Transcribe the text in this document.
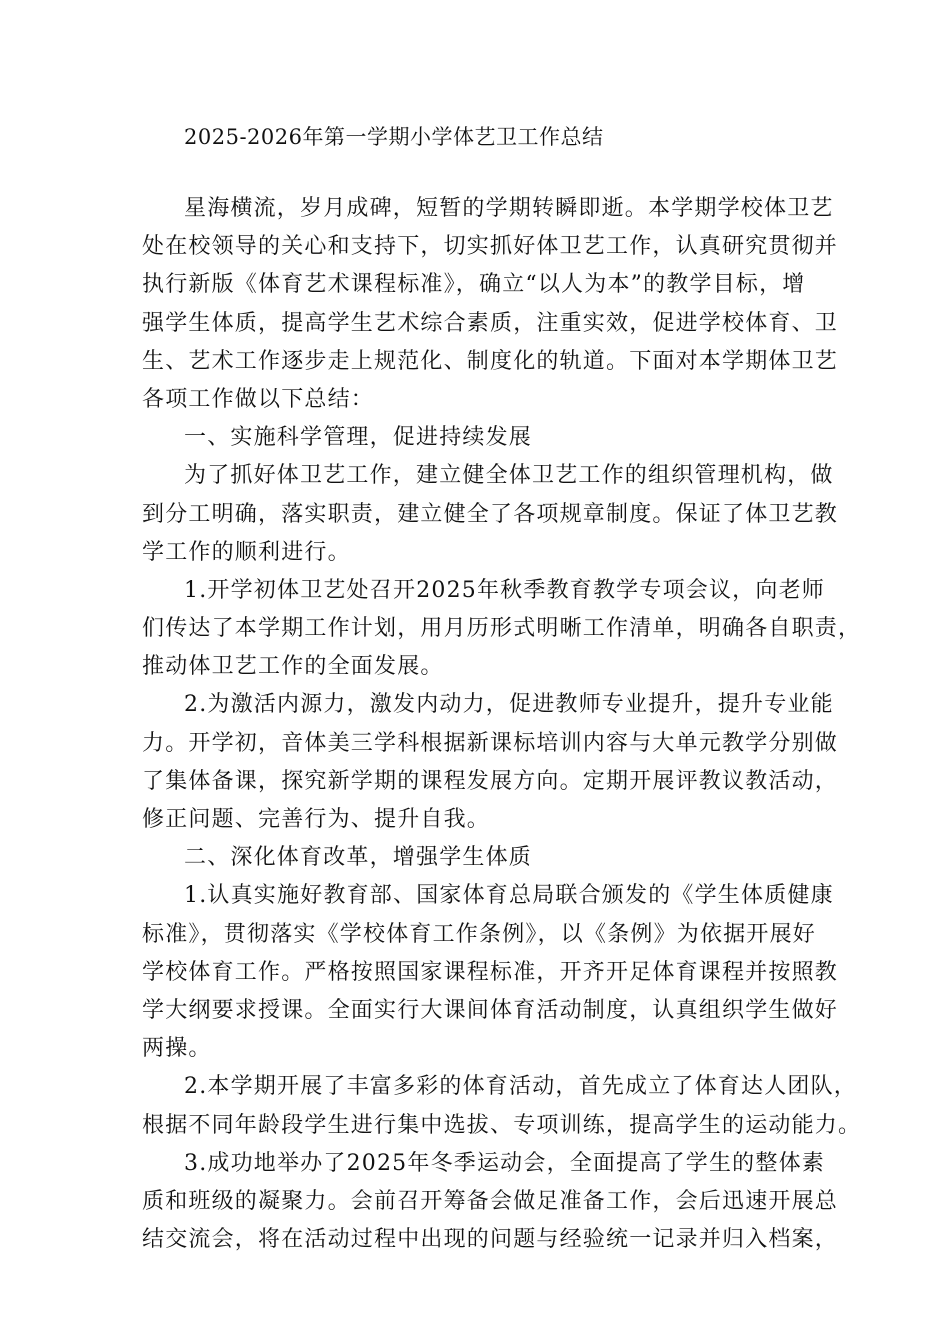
2025-2026年第一学期小学体艺卫工作总结
星海横流，岁月成碑，短暂的学期转瞬即逝。本学期学校体卫艺
处在校领导的关心和支持下，切实抓好体卫艺工作，认真研究贯彻并
执行新版《体育艺术课程标准》，确立“以人为本”的教学目标，增
强学生体质，提高学生艺术综合素质，注重实效，促进学校体育、卫
生、艺术工作逐步走上规范化、制度化的轨道。下面对本学期体卫艺
各项工作做以下总结：
一、实施科学管理，促进持续发展
为了抓好体卫艺工作，建立健全体卫艺工作的组织管理机构，做
到分工明确，落实职责，建立健全了各项规章制度。保证了体卫艺教
学工作的顺利进行。
1.开学初体卫艺处召开2025年秋季教育教学专项会议，向老师
们传达了本学期工作计划，用月历形式明晰工作清单，明确各自职责，
推动体卫艺工作的全面发展。
2.为激活内源力，激发内动力，促进教师专业提升，提升专业能
力。开学初，音体美三学科根据新课标培训内容与大单元教学分别做
了集体备课，探究新学期的课程发展方向。定期开展评教议教活动，
修正问题、完善行为、提升自我。
二、深化体育改革，增强学生体质
1.认真实施好教育部、国家体育总局联合颁发的《学生体质健康
标准》，贯彻落实《学校体育工作条例》，以《条例》为依据开展好
学校体育工作。严格按照国家课程标准，开齐开足体育课程并按照教
学大纲要求授课。全面实行大课间体育活动制度，认真组织学生做好
两操。
2.本学期开展了丰富多彩的体育活动，首先成立了体育达人团队，
根据不同年龄段学生进行集中选拔、专项训练，提高学生的运动能力。
3.成功地举办了2025年冬季运动会，全面提高了学生的整体素
质和班级的凝聚力。会前召开筹备会做足准备工作，会后迅速开展总
结交流会，将在活动过程中出现的问题与经验统一记录并归入档案，
